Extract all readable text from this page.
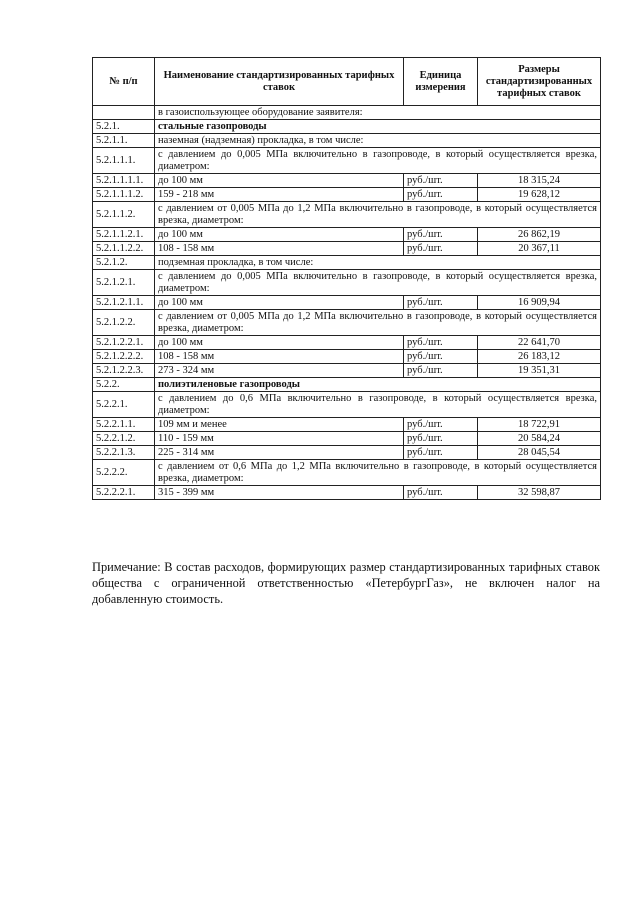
№ п/п	Наименование стандартизированных тарифных ставок	Единица измерения	Размеры стандартизированных тарифных ставок
	в газоиспользующее оборудование заявителя:		
5.2.1.	стальные газопроводы		
5.2.1.1.	наземная (надземная) прокладка, в том числе:		
5.2.1.1.1.	с давлением до 0,005 МПа включительно в газопроводе, в который осуществляется врезка, диаметром:		
5.2.1.1.1.1.	до 100 мм	руб./шт.	18 315,24
5.2.1.1.1.2.	159 - 218 мм	руб./шт.	19 628,12
5.2.1.1.2.	с давлением от 0,005 МПа до 1,2 МПа включительно в газопроводе, в который осуществляется врезка, диаметром:		
5.2.1.1.2.1.	до 100 мм	руб./шт.	26 862,19
5.2.1.1.2.2.	108 - 158 мм	руб./шт.	20 367,11
5.2.1.2.	подземная прокладка, в том числе:		
5.2.1.2.1.	с давлением до 0,005 МПа включительно в газопроводе, в который осуществляется врезка, диаметром:		
5.2.1.2.1.1.	до 100 мм	руб./шт.	16 909,94
5.2.1.2.2.	с давлением от 0,005 МПа до 1,2 МПа включительно в газопроводе, в который осуществляется врезка, диаметром:		
5.2.1.2.2.1.	до 100 мм	руб./шт.	22 641,70
5.2.1.2.2.2.	108 - 158 мм	руб./шт.	26 183,12
5.2.1.2.2.3.	273 - 324 мм	руб./шт.	19 351,31
5.2.2.	полиэтиленовые газопроводы		
5.2.2.1.	с давлением до 0,6 МПа включительно в газопроводе, в который осуществляется врезка, диаметром:		
5.2.2.1.1.	109 мм и менее	руб./шт.	18 722,91
5.2.2.1.2.	110 - 159 мм	руб./шт.	20 584,24
5.2.2.1.3.	225 - 314 мм	руб./шт.	28 045,54
5.2.2.2.	с давлением от 0,6 МПа до 1,2 МПа включительно в газопроводе, в который осуществляется врезка, диаметром:		
5.2.2.2.1.	315 - 399 мм	руб./шт.	32 598,87

Примечание: В состав расходов, формирующих размер стандартизированных тарифных ставок общества с ограниченной ответственностью «ПетербургГаз», не включен налог на добавленную стоимость.
